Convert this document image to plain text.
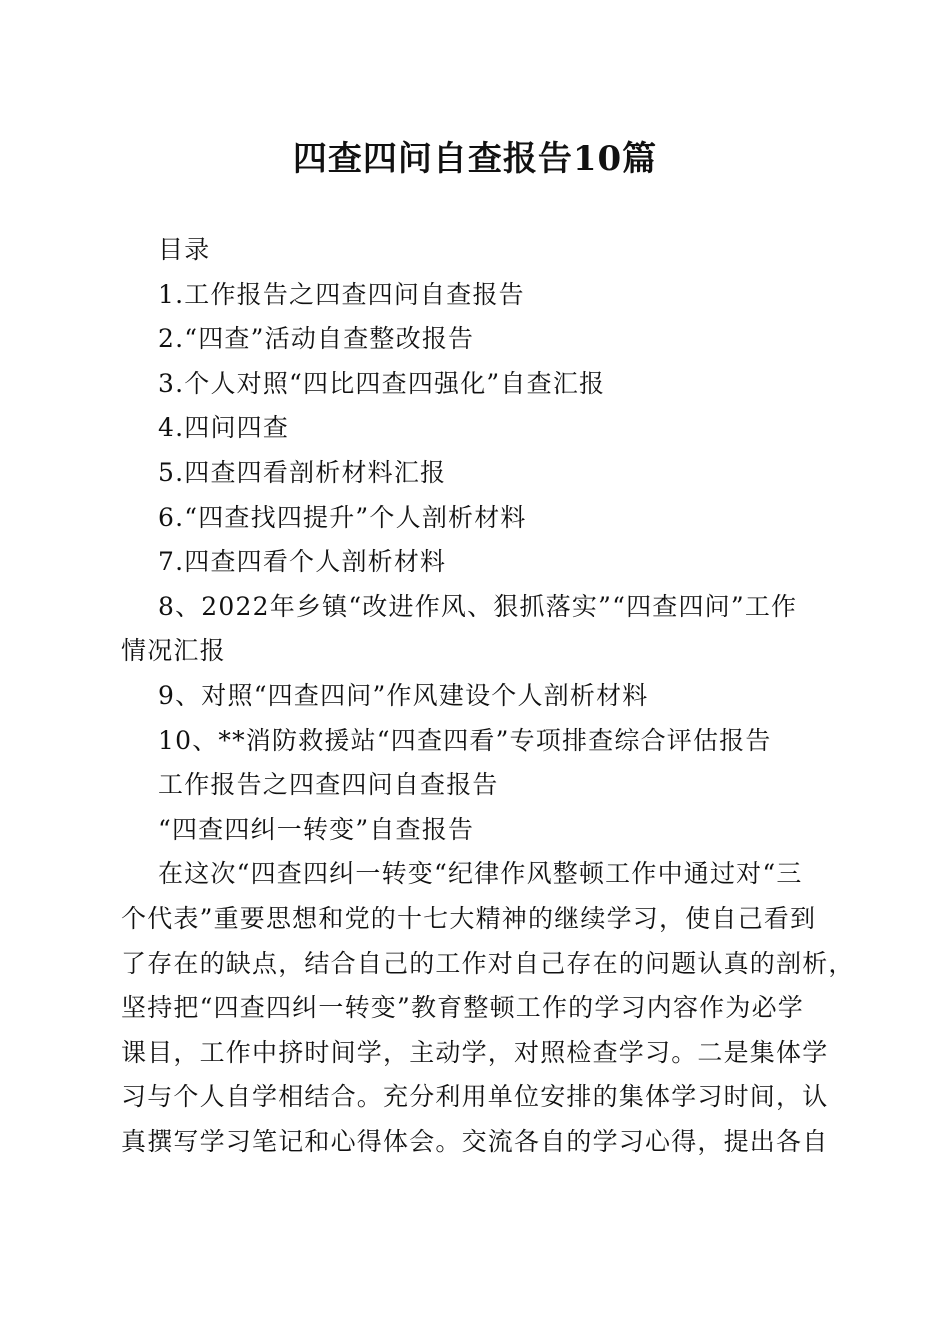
四查四问自查报告10篇
目录
1.工作报告之四查四问自查报告
2.“四查”活动自查整改报告
3.个人对照“四比四查四强化”自查汇报
4.四问四查
5.四查四看剖析材料汇报
6.“四查找四提升”个人剖析材料
7.四查四看个人剖析材料
8、2022年乡镇“改进作风、狠抓落实”“四查四问”工作
情况汇报
9、对照“四查四问”作风建设个人剖析材料
10、**消防救援站“四查四看”专项排查综合评估报告
工作报告之四查四问自查报告
“四查四纠一转变”自查报告
在这次“四查四纠一转变“纪律作风整顿工作中通过对“三
个代表”重要思想和党的十七大精神的继续学习，使自己看到
了存在的缺点，结合自己的工作对自己存在的问题认真的剖析，
坚持把“四查四纠一转变”教育整顿工作的学习内容作为必学
课目，工作中挤时间学，主动学，对照检查学习。二是集体学
习与个人自学相结合。充分利用单位安排的集体学习时间，认
真撰写学习笔记和心得体会。交流各自的学习心得，提出各自
